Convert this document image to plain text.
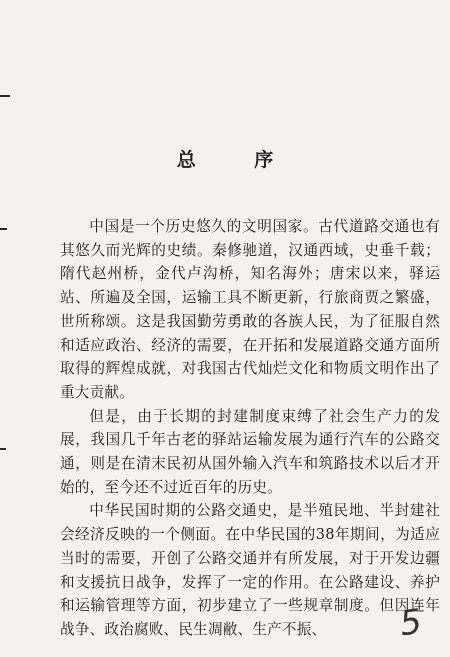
总 序

中国是一个历史悠久的文明国家。古代道路交通也有其悠久而光辉的史绩。秦修驰道，汉通西域，史垂千载；隋代赵州桥，金代卢沟桥，知名海外；唐宋以来，驿运站、所遍及全国，运输工具不断更新，行旅商贾之繁盛，世所称颂。这是我国勤劳勇敢的各族人民，为了征服自然和适应政治、经济的需要，在开拓和发展道路交通方面所取得的辉煌成就，对我国古代灿烂文化和物质文明作出了重大贡献。

但是，由于长期的封建制度束缚了社会生产力的发展，我国几千年古老的驿站运输发展为通行汽车的公路交通，则是在清末民初从国外输入汽车和筑路技术以后才开始的，至今还不过近百年的历史。

中华民国时期的公路交通史，是半殖民地、半封建社会经济反映的一个侧面。在中华民国的38年期间，为适应当时的需要，开创了公路交通并有所发展，对于开发边疆和支援抗日战争，发挥了一定的作用。在公路建设、养护和运输管理等方面，初步建立了一些规章制度。但因连年战争、政治腐败、民生凋敝、生产不振、	5
